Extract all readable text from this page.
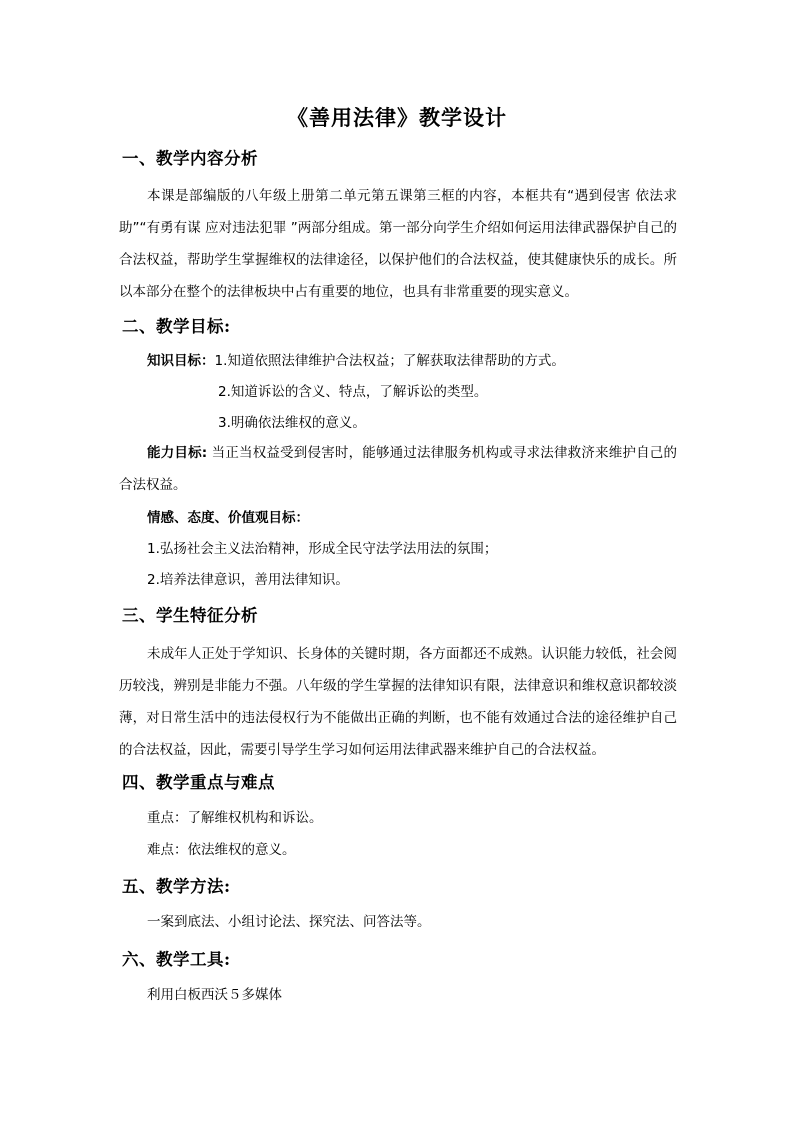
《善用法律》教学设计
一、教学内容分析
本课是部编版的八年级上册第二单元第五课第三框的内容，本框共有“遇到侵害 依法求助”“有勇有谋 应对违法犯罪 ”两部分组成。第一部分向学生介绍如何运用法律武器保护自己的合法权益，帮助学生掌握维权的法律途径，以保护他们的合法权益，使其健康快乐的成长。所以本部分在整个的法律板块中占有重要的地位，也具有非常重要的现实意义。
二、教学目标:
知识目标：1.知道依照法律维护合法权益；了解获取法律帮助的方式。
2.知道诉讼的含义、特点，了解诉讼的类型。
3.明确依法维权的意义。
能力目标: 当正当权益受到侵害时，能够通过法律服务机构或寻求法律救济来维护自己的合法权益。
情感、态度、价值观目标：
1.弘扬社会主义法治精神，形成全民守法学法用法的氛围；
2.培养法律意识，善用法律知识。
三、学生特征分析
未成年人正处于学知识、长身体的关键时期，各方面都还不成熟。认识能力较低，社会阅历较浅，辨别是非能力不强。八年级的学生掌握的法律知识有限，法律意识和维权意识都较淡薄，对日常生活中的违法侵权行为不能做出正确的判断，也不能有效通过合法的途径维护自己的合法权益，因此，需要引导学生学习如何运用法律武器来维护自己的合法权益。
四、教学重点与难点
重点：了解维权机构和诉讼。
难点：依法维权的意义。
五、教学方法:
一案到底法、小组讨论法、探究法、问答法等。
六、教学工具:
利用白板西沃５多媒体
